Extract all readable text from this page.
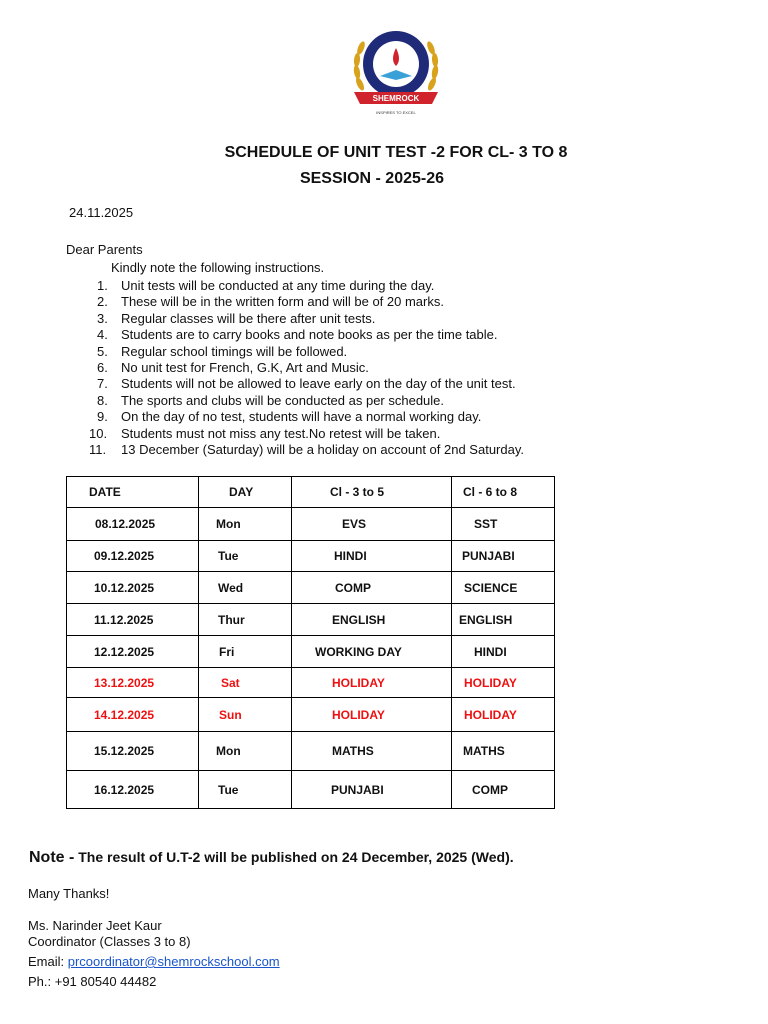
SHEMROCK
INSPIRES TO EXCEL
SCHEDULE OF UNIT TEST -2 FOR CL- 3 TO 8
SESSION - 2025-26
24.11.2025
Dear Parents
Kindly note the following instructions.
1. Unit tests will be conducted at any time during the day.
2. These will be in the written form and will be of 20 marks.
3. Regular classes will be there after unit tests.
4. Students are to carry books and note books as per the time table.
5. Regular school timings will be followed.
6. No unit test for French, G.K, Art and Music.
7. Students will not be allowed to leave early on the day of the unit test.
8. The sports and clubs will be conducted as per schedule.
9. On the day of no test, students will have a normal working day.
10. Students must not miss any test.No retest will be taken.
11. 13 December (Saturday) will be a holiday on account of 2nd Saturday.
DATE	DAY	Cl - 3 to 5	Cl - 6 to 8

08.12.2025	Mon	EVS	SST

09.12.2025	Tue	HINDI	PUNJABI

10.12.2025	Wed	COMP	SCIENCE

11.12.2025	Thur	ENGLISH	ENGLISH

12.12.2025	Fri	WORKING DAY	HINDI

13.12.2025	Sat	HOLIDAY	HOLIDAY

14.12.2025	Sun	HOLIDAY	HOLIDAY

15.12.2025	Mon	MATHS	MATHS

16.12.2025	Tue	PUNJABI	COMP
Note - The result of U.T-2 will be published on 24 December, 2025 (Wed).
Many Thanks!
Ms. Narinder Jeet Kaur
Coordinator (Classes 3 to 8)
Email: prcoordinator@shemrockschool.com
Ph.: +91 80540 44482
